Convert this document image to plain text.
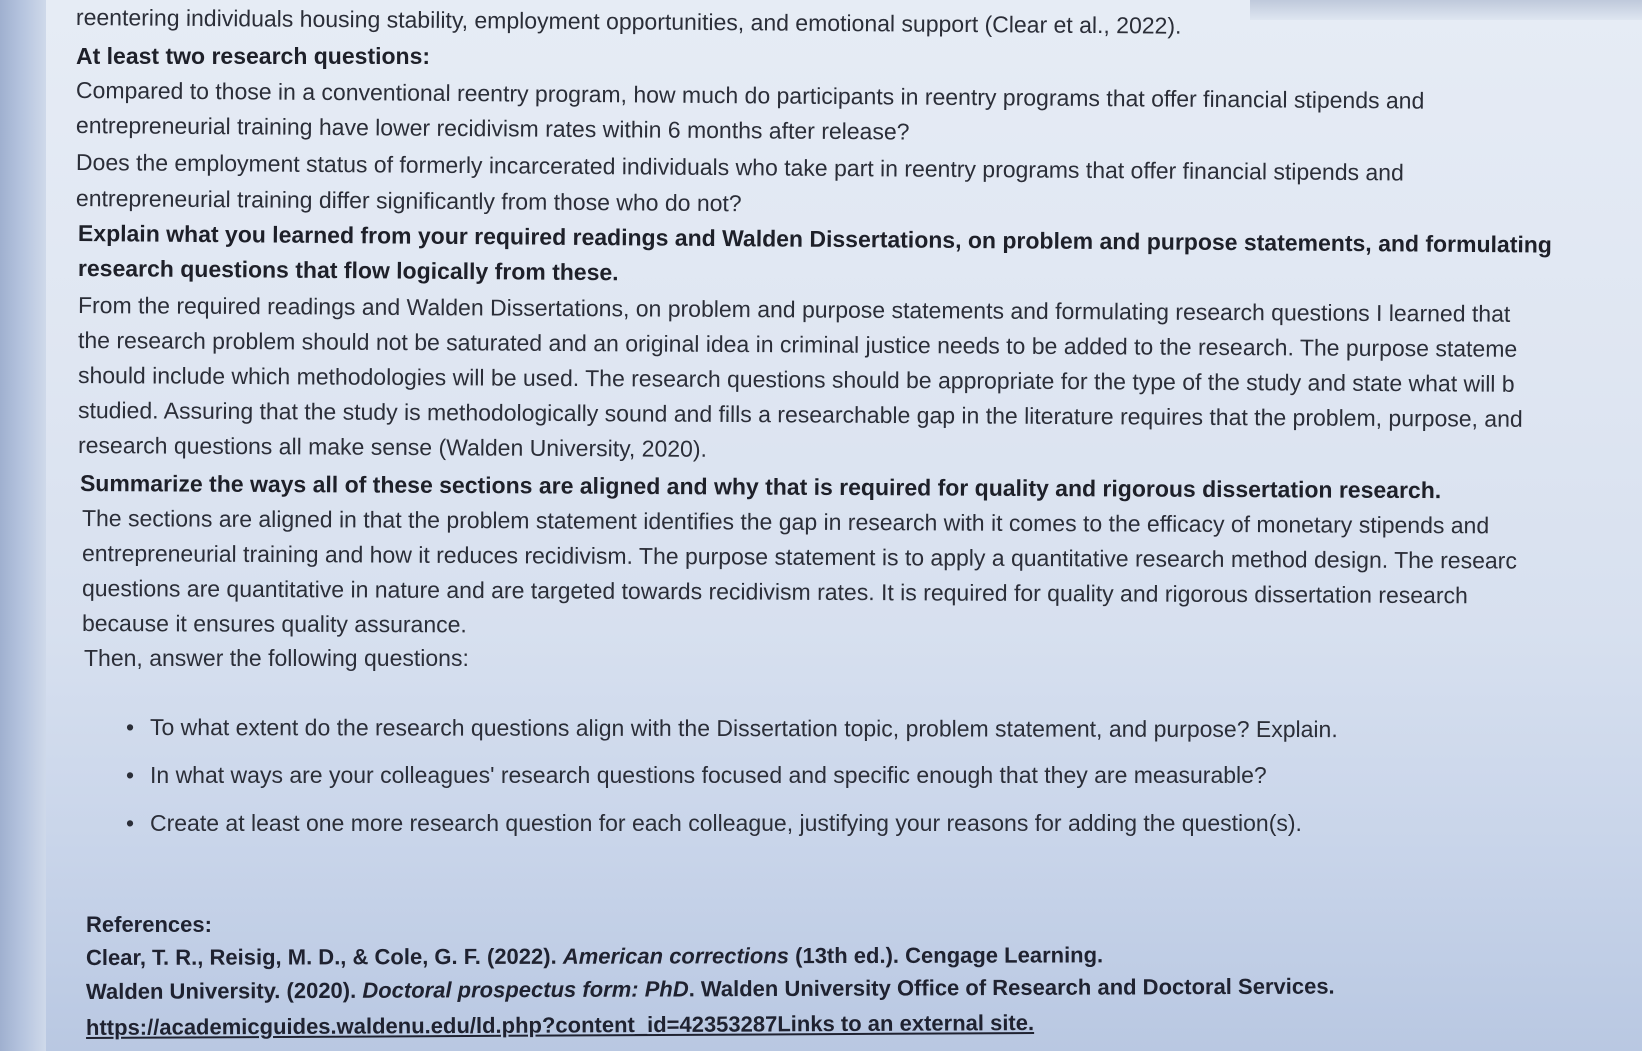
reentering individuals housing stability, employment opportunities, and emotional support (Clear et al., 2022).
At least two research questions:
Compared to those in a conventional reentry program, how much do participants in reentry programs that offer financial stipends and
entrepreneurial training have lower recidivism rates within 6 months after release?
Does the employment status of formerly incarcerated individuals who take part in reentry programs that offer financial stipends and
entrepreneurial training differ significantly from those who do not?
Explain what you learned from your required readings and Walden Dissertations, on problem and purpose statements, and formulating
research questions that flow logically from these.
From the required readings and Walden Dissertations, on problem and purpose statements and formulating research questions I learned that
the research problem should not be saturated and an original idea in criminal justice needs to be added to the research. The purpose stateme
should include which methodologies will be used. The research questions should be appropriate for the type of the study and state what will b
studied. Assuring that the study is methodologically sound and fills a researchable gap in the literature requires that the problem, purpose, and
research questions all make sense (Walden University, 2020).
Summarize the ways all of these sections are aligned and why that is required for quality and rigorous dissertation research.
The sections are aligned in that the problem statement identifies the gap in research with it comes to the efficacy of monetary stipends and
entrepreneurial training and how it reduces recidivism. The purpose statement is to apply a quantitative research method design. The researc
questions are quantitative in nature and are targeted towards recidivism rates. It is required for quality and rigorous dissertation research
because it ensures quality assurance.
Then, answer the following questions:
• To what extent do the research questions align with the Dissertation topic, problem statement, and purpose? Explain.
• In what ways are your colleagues' research questions focused and specific enough that they are measurable?
• Create at least one more research question for each colleague, justifying your reasons for adding the question(s).
References:
Clear, T. R., Reisig, M. D., & Cole, G. F. (2022). American corrections (13th ed.). Cengage Learning.
Walden University. (2020). Doctoral prospectus form: PhD. Walden University Office of Research and Doctoral Services.
https://academicguides.waldenu.edu/ld.php?content_id=42353287Links to an external site.
